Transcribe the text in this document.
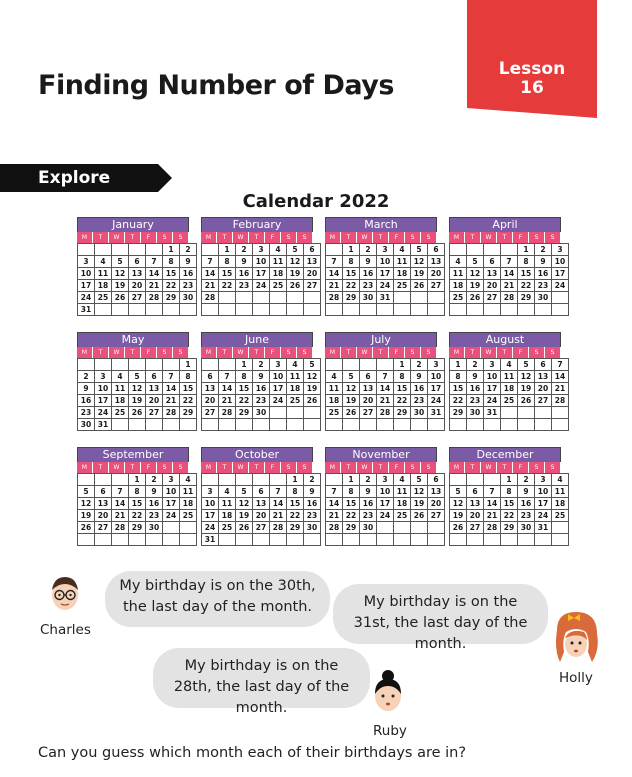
Finding Number of Days
Lesson
16
Explore
Calendar 2022
January
M	T	W	T	F	S	S
					1	2
3	4	5	6	7	8	9
10	11	12	13	14	15	16
17	18	19	20	21	22	23
24	25	26	27	28	29	30
31						
February
M	T	W	T	F	S	S
	1	2	3	4	5	6
7	8	9	10	11	12	13
14	15	16	17	18	19	20
21	22	23	24	25	26	27
28						

March
M	T	W	T	F	S	S
	1	2	3	4	5	6
7	8	9	10	11	12	13
14	15	16	17	18	19	20
21	22	23	24	25	26	27
28	29	30	31			

April
M	T	W	T	F	S	S
				1	2	3
4	5	6	7	8	9	10
11	12	13	14	15	16	17
18	19	20	21	22	23	24
25	26	27	28	29	30	

May
M	T	W	T	F	S	S
						1
2	3	4	5	6	7	8
9	10	11	12	13	14	15
16	17	18	19	20	21	22
23	24	25	26	27	28	29
30	31					
June
M	T	W	T	F	S	S
		1	2	3	4	5
6	7	8	9	10	11	12
13	14	15	16	17	18	19
20	21	22	23	24	25	26
27	28	29	30			

July
M	T	W	T	F	S	S
				1	2	3
4	5	6	7	8	9	10
11	12	13	14	15	16	17
18	19	20	21	22	23	24
25	26	27	28	29	30	31

August
M	T	W	T	F	S	S
1	2	3	4	5	6	7
8	9	10	11	12	13	14
15	16	17	18	19	20	21
22	23	24	25	26	27	28
29	30	31				

September
M	T	W	T	F	S	S
			1	2	3	4
5	6	7	8	9	10	11
12	13	14	15	16	17	18
19	20	21	22	23	24	25
26	27	28	29	30		

October
M	T	W	T	F	S	S
					1	2
3	4	5	6	7	8	9
10	11	12	13	14	15	16
17	18	19	20	21	22	23
24	25	26	27	28	29	30
31						
November
M	T	W	T	F	S	S
	1	2	3	4	5	6
7	8	9	10	11	12	13
14	15	16	17	18	19	20
21	22	23	24	25	26	27
28	29	30				

December
M	T	W	T	F	S	S
			1	2	3	4
5	6	7	8	9	10	11
12	13	14	15	16	17	18
19	20	21	22	23	24	25
26	27	28	29	30	31	

Charles
My birthday is on the 30th, the last day of the month.	My birthday is on the 31st, the last day of the month.
Holly
My birthday is on the 28th, the last day of the month.
Ruby
Can you guess which month each of their birthdays are in?
